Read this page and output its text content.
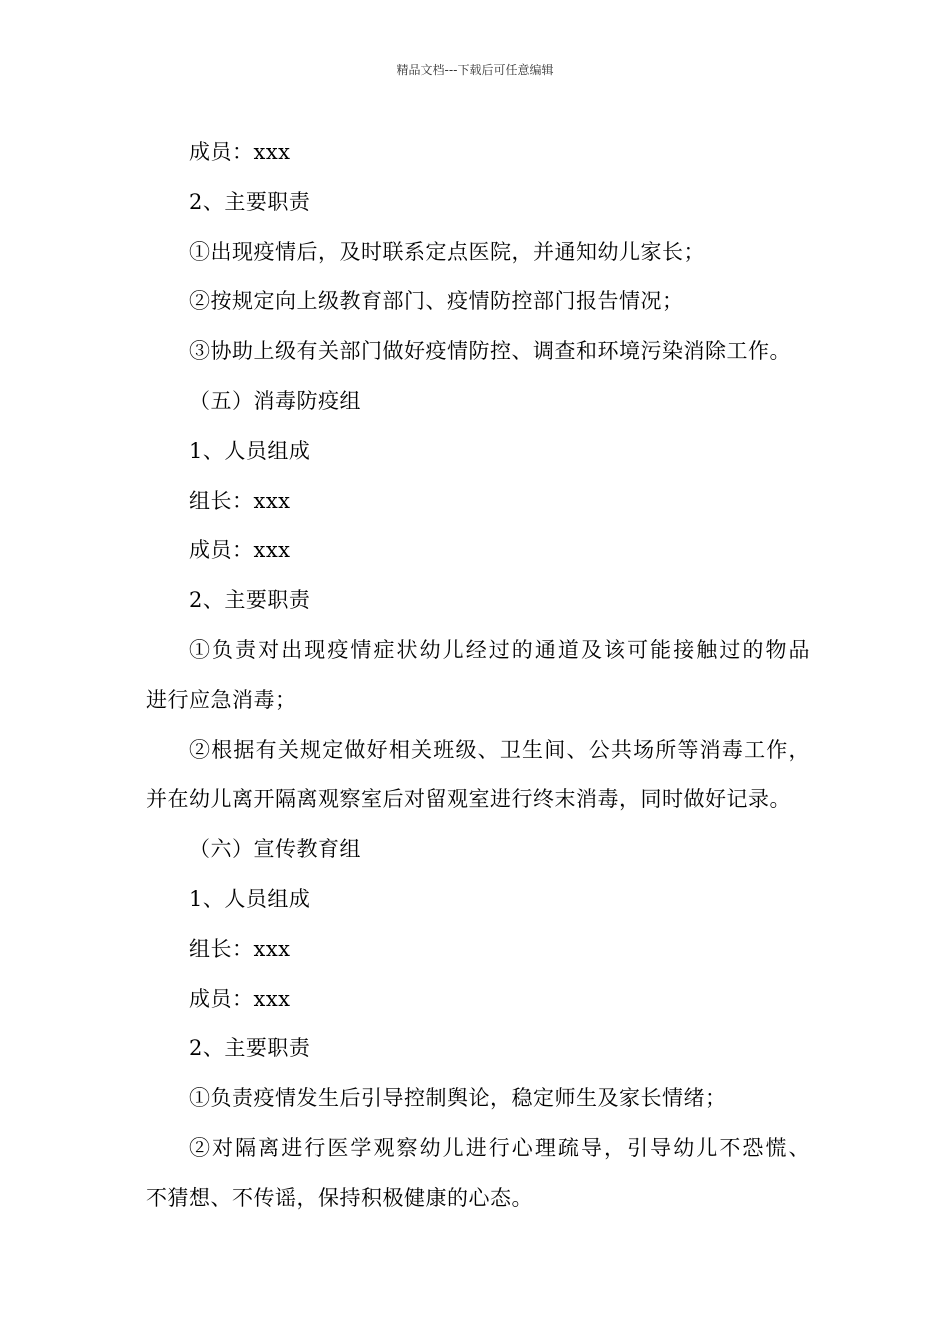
精品文档---下载后可任意编辑
成员：xxx
2、主要职责
①出现疫情后，及时联系定点医院，并通知幼儿家长；
②按规定向上级教育部门、疫情防控部门报告情况；
③协助上级有关部门做好疫情防控、调查和环境污染消除工作。
（五）消毒防疫组
1、人员组成
组长：xxx
成员：xxx
2、主要职责
①负责对出现疫情症状幼儿经过的通道及该可能接触过的物品
进行应急消毒；
②根据有关规定做好相关班级、卫生间、公共场所等消毒工作，
并在幼儿离开隔离观察室后对留观室进行终末消毒，同时做好记录。
（六）宣传教育组
1、人员组成
组长：xxx
成员：xxx
2、主要职责
①负责疫情发生后引导控制舆论，稳定师生及家长情绪；
②对隔离进行医学观察幼儿进行心理疏导，引导幼儿不恐慌、
不猜想、不传谣，保持积极健康的心态。
